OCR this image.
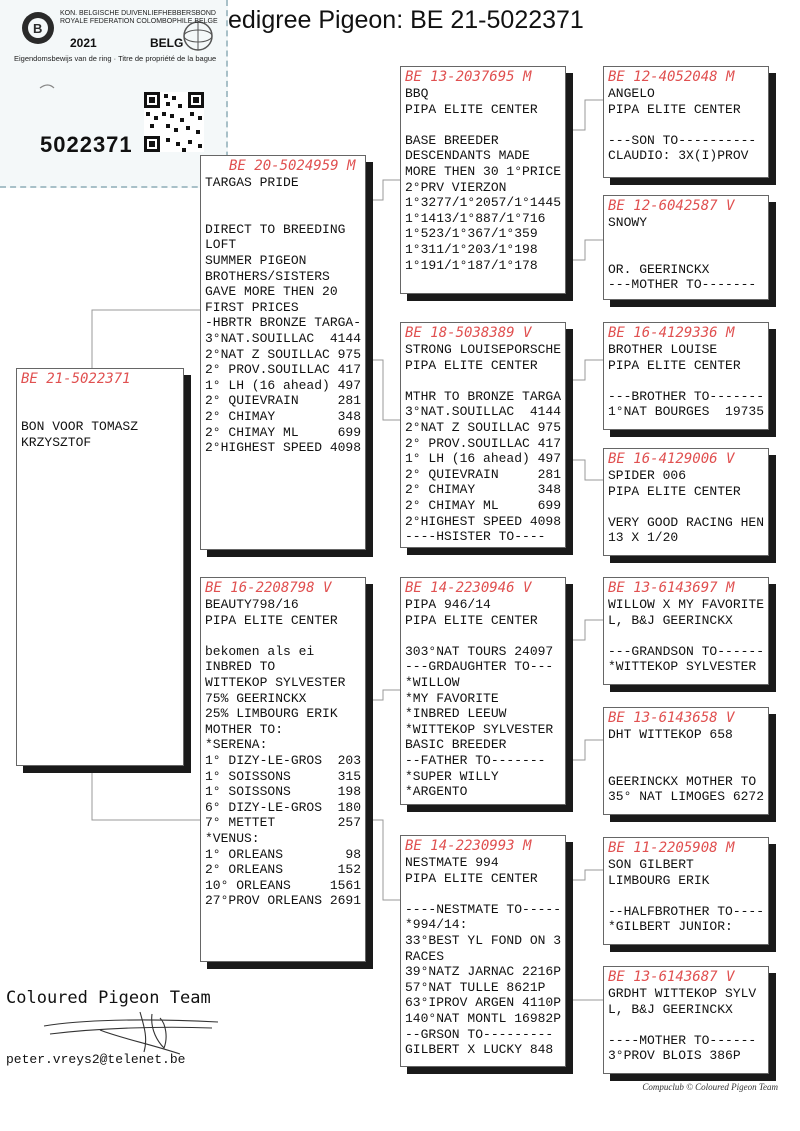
edigree Pigeon: BE 21-5022371
B
KON. BELGISCHE DUIVENLIEFHEBBERSBOND
ROYALE FEDERATION COLOMBOPHILE BELGE
2021	BELG
Eigendomsbewijs van de ring · Titre de propriété de la bague
5022371
BE 21-5022371
BON VOOR TOMASZ
KRZYSZTOF
BE 20-5024959 M
TARGAS PRIDE
DIRECT TO BREEDING
LOFT
SUMMER PIGEON
BROTHERS/SISTERS
GAVE MORE THEN 20
FIRST PRICES
-HBRTR BRONZE TARGA-
3°NAT.SOUILLAC  4144
2°NAT Z SOUILLAC 975
2° PROV.SOUILLAC 417
1° LH (16 ahead) 497
2° QUIEVRAIN     281
2° CHIMAY        348
2° CHIMAY ML     699
2°HIGHEST SPEED 4098
BE 16-2208798 V
BEAUTY798/16
PIPA ELITE CENTER
bekomen als ei
INBRED TO
WITTEKOP SYLVESTER
75% GEERINCKX
25% LIMBOURG ERIK
MOTHER TO:
*SERENA:
1° DIZY-LE-GROS  203
1° SOISSONS      315
1° SOISSONS      198
6° DIZY-LE-GROS  180
7° METTET        257
*VENUS:
1° ORLEANS        98
2° ORLEANS       152
10° ORLEANS     1561
27°PROV ORLEANS 2691
BE 13-2037695 M
BBQ
PIPA ELITE CENTER
BASE BREEDER
DESCENDANTS MADE
MORE THEN 30 1°PRICE
2°PRV VIERZON
1°3277/1°2057/1°1445
1°1413/1°887/1°716
1°523/1°367/1°359
1°311/1°203/1°198
1°191/1°187/1°178
BE 18-5038389 V
STRONG LOUISEPORSCHE
PIPA ELITE CENTER
MTHR TO BRONZE TARGA
3°NAT.SOUILLAC  4144
2°NAT Z SOUILLAC 975
2° PROV.SOUILLAC 417
1° LH (16 ahead) 497
2° QUIEVRAIN     281
2° CHIMAY        348
2° CHIMAY ML     699
2°HIGHEST SPEED 4098
----HSISTER TO----
BE 14-2230946 V
PIPA 946/14
PIPA ELITE CENTER
303°NAT TOURS 24097
---GRDAUGHTER TO---
*WILLOW
*MY FAVORITE
*INBRED LEEUW
*WITTEKOP SYLVESTER
BASIC BREEDER
--FATHER TO-------
*SUPER WILLY
*ARGENTO
BE 14-2230993 M
NESTMATE 994
PIPA ELITE CENTER
----NESTMATE TO-----
*994/14:
33°BEST YL FOND ON 3
RACES
39°NATZ JARNAC 2216P
57°NAT TULLE 8621P
63°IPROV ARGEN 4110P
140°NAT MONTL 16982P
--GRSON TO---------
GILBERT X LUCKY 848
BE 12-4052048 M
ANGELO
PIPA ELITE CENTER
---SON TO----------
CLAUDIO: 3X(I)PROV
BE 12-6042587 V
SNOWY
OR. GEERINCKX
---MOTHER TO-------
BE 16-4129336 M
BROTHER LOUISE
PIPA ELITE CENTER
---BROTHER TO-------
1°NAT BOURGES  19735
BE 16-4129006 V
SPIDER 006
PIPA ELITE CENTER
VERY GOOD RACING HEN
13 X 1/20
BE 13-6143697 M
WILLOW X MY FAVORITE
L, B&J GEERINCKX
---GRANDSON TO------
*WITTEKOP SYLVESTER
BE 13-6143658 V
DHT WITTEKOP 658
GEERINCKX MOTHER TO
35° NAT LIMOGES 6272
BE 11-2205908 M
SON GILBERT
LIMBOURG ERIK
--HALFBROTHER TO----
*GILBERT JUNIOR:
BE 13-6143687 V
GRDHT WITTEKOP SYLV
L, B&J GEERINCKX
----MOTHER TO------
3°PROV BLOIS 386P
Coloured Pigeon Team
peter.vreys2@telenet.be
Compuclub © Coloured Pigeon Team
